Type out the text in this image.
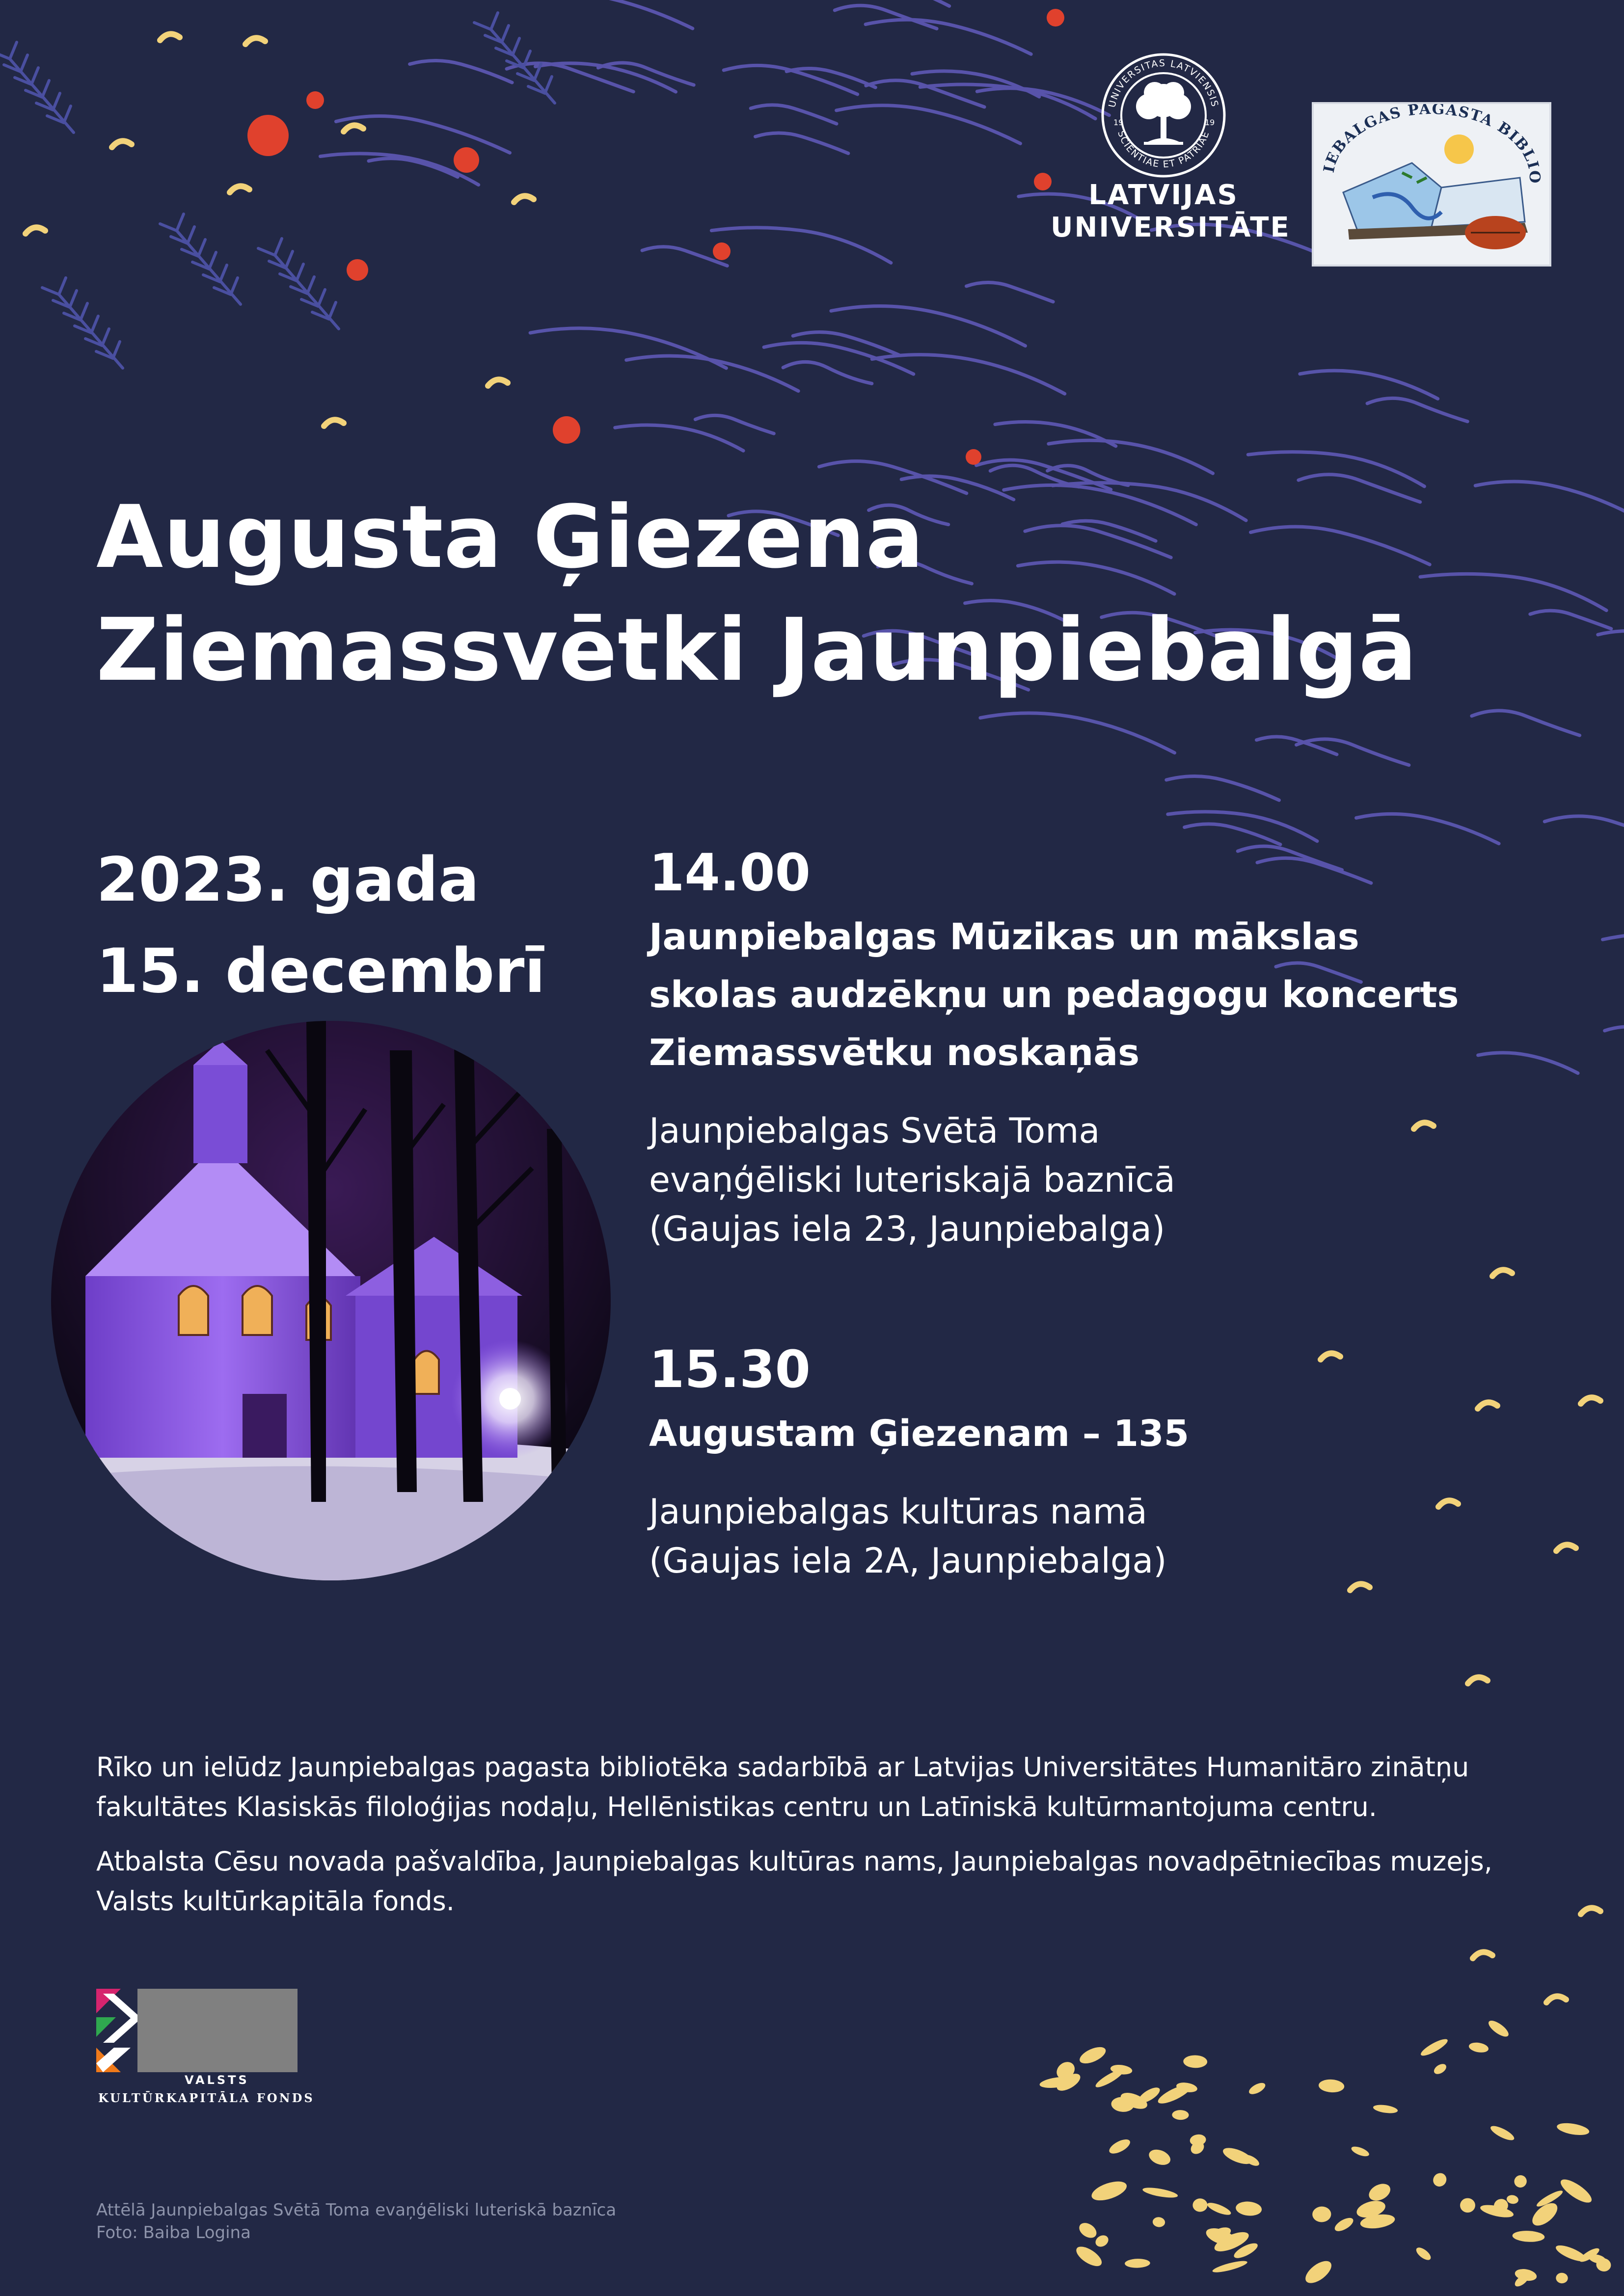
UNIVERSITAS LATVIENSIS
SCIENTIAE ET PATRIAE
19	19
LATVIJAS
UNIVERSITĀTE
IEBALGAS PAGASTA BIBLIO
Augusta Ģiezena
Ziemassvētki Jaunpiebalgā
2023. gada
15. decembrī
14.00
Jaunpiebalgas Mūzikas un mākslas
skolas audzēkņu un pedagogu koncerts
Ziemassvētku noskaņās
Jaunpiebalgas Svētā Toma
evaņģēliski luteriskajā baznīcā
(Gaujas iela 23, Jaunpiebalga)
15.30
Augustam Ģiezenam – 135
Jaunpiebalgas kultūras namā
(Gaujas iela 2A, Jaunpiebalga)

Rīko un ielūdz Jaunpiebalgas pagasta bibliotēka sadarbībā ar Latvijas Universitātes Humanitāro zinātņu fakultātes Klasiskās filoloģijas nodaļu, Hellēnistikas centru un Latīniskā kultūrmantojuma centru.

Atbalsta Cēsu novada pašvaldība, Jaunpiebalgas kultūras nams, Jaunpiebalgas novadpētniecības muzejs, Valsts kultūrkapitāla fonds.

VALSTS
KULTŪRKAPITĀLA FONDS
Attēlā Jaunpiebalgas Svētā Toma evaņģēliski luteriskā baznīca
Foto: Baiba Logina
